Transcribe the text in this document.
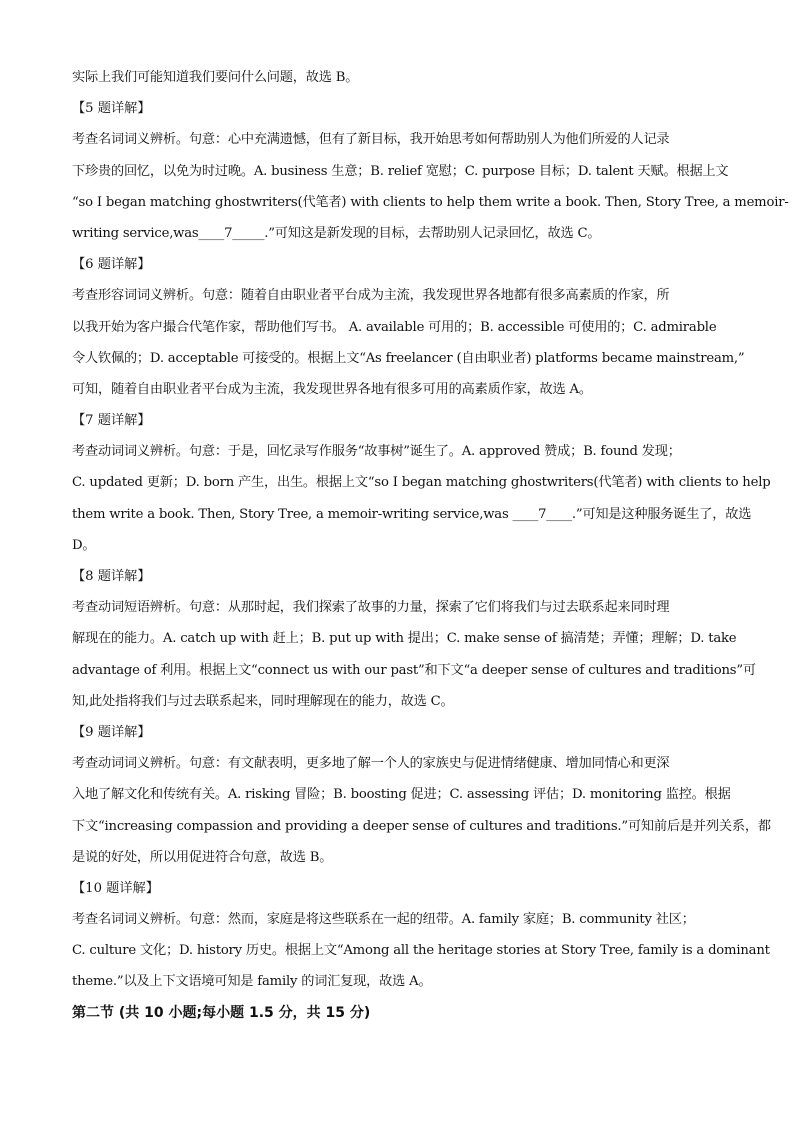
实际上我们可能知道我们要问什么问题，故选 B。
【5 题详解】
考查名词词义辨析。句意：心中充满遗憾，但有了新目标，我开始思考如何帮助别人为他们所爱的人记录
下珍贵的回忆，以免为时过晚。A. business 生意；B. relief 宽慰；C. purpose 目标；D. talent 天赋。根据上文
“so I began matching ghostwriters(代笔者) with clients to help them write a book. Then, Story Tree, a memoir-
writing service,was____7_____.”可知这是新发现的目标，去帮助别人记录回忆，故选 C。
【6 题详解】
考查形容词词义辨析。句意：随着自由职业者平台成为主流，我发现世界各地都有很多高素质的作家，所
以我开始为客户撮合代笔作家，帮助他们写书。 A. available 可用的；B. accessible 可使用的；C. admirable
令人钦佩的；D. acceptable 可接受的。根据上文“As freelancer (自由职业者) platforms became mainstream,”
可知，随着自由职业者平台成为主流，我发现世界各地有很多可用的高素质作家，故选 A。
【7 题详解】
考查动词词义辨析。句意：于是，回忆录写作服务“故事树”诞生了。A. approved 赞成；B. found 发现；
C. updated 更新；D. born 产生，出生。根据上文“so I began matching ghostwriters(代笔者) with clients to help
them write a book. Then, Story Tree, a memoir-writing service,was ____7____.”可知是这种服务诞生了，故选
D。
【8 题详解】
考查动词短语辨析。句意：从那时起，我们探索了故事的力量，探索了它们将我们与过去联系起来同时理
解现在的能力。A. catch up with 赶上；B. put up with 提出；C. make sense of 搞清楚；弄懂；理解；D. take
advantage of 利用。根据上文“connect us with our past”和下文“a deeper sense of cultures and traditions”可
知,此处指将我们与过去联系起来，同时理解现在的能力，故选 C。
【9 题详解】
考查动词词义辨析。句意：有文献表明，更多地了解一个人的家族史与促进情绪健康、增加同情心和更深
入地了解文化和传统有关。A. risking 冒险；B. boosting 促进；C. assessing 评估；D. monitoring 监控。根据
下文“increasing compassion and providing a deeper sense of cultures and traditions.”可知前后是并列关系，都
是说的好处，所以用促进符合句意，故选 B。
【10 题详解】
考查名词词义辨析。句意：然而，家庭是将这些联系在一起的纽带。A. family 家庭；B. community 社区；
C. culture 文化；D. history 历史。根据上文“Among all the heritage stories at Story Tree, family is a dominant
theme.”以及上下文语境可知是 family 的词汇复现，故选 A。
第二节 (共 10 小题;每小题 1.5 分，共 15 分)
